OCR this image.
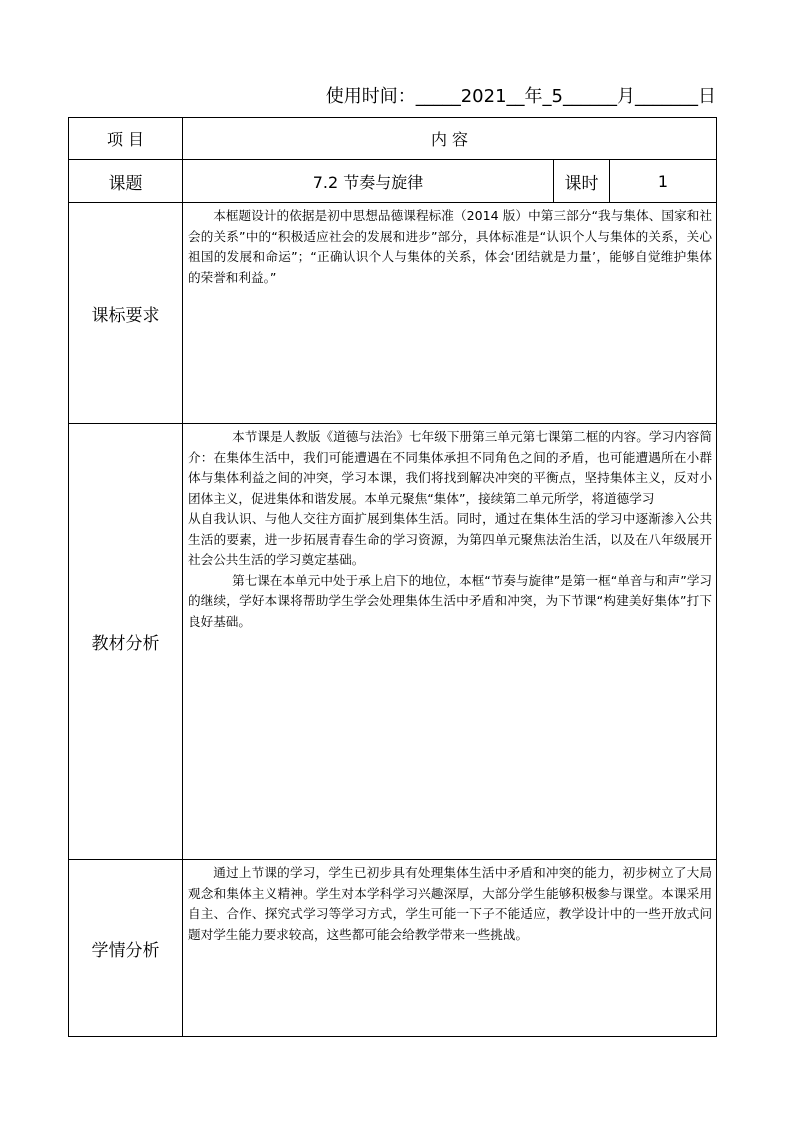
使用时间：_____2021__年_5______月_______日
项 目	内 容		
课题	7.2 节奏与旋律	课时	1
课标要求	本框题设计的依据是初中思想品德课程标准（2014 版）中第三部分“我与集体、国家和社会的关系”中的“积极适应社会的发展和进步”部分，具体标准是“认识个人与集体的关系，关心祖国的发展和命运”；“正确认识个人与集体的关系，体会‘团结就是力量’，能够自觉维护集体的荣誉和利益。”		

教材分析	本节课是人教版《道德与法治》七年级下册第三单元第七课第二框的内容。学习内容简介：在集体生活中，我们可能遭遇在不同集体承担不同角色之间的矛盾，也可能遭遇所在小群体与集体利益之间的冲突，学习本课，我们将找到解决冲突的平衡点，坚持集体主义，反对小团体主义，促进集体和谐发展。本单元聚焦“集体”，接续第二单元所学，将道德学习

从自我认识、与他人交往方面扩展到集体生活。同时，通过在集体生活的学习中逐渐渗入公共生活的要素，进一步拓展青春生命的学习资源，为第四单元聚焦法治生活，以及在八年级展开社会公共生活的学习奠定基础。

第七课在本单元中处于承上启下的地位，本框“节奏与旋律”是第一框“单音与和声”学习的继续，学好本课将帮助学生学会处理集体生活中矛盾和冲突，为下节课“构建美好集体”打下良好基础。		

学情分析	通过上节课的学习，学生已初步具有处理集体生活中矛盾和冲突的能力，初步树立了大局观念和集体主义精神。学生对本学科学习兴趣深厚，大部分学生能够积极参与课堂。本课采用自主、合作、探究式学习等学习方式，学生可能一下子不能适应，教学设计中的一些开放式问题对学生能力要求较高，这些都可能会给教学带来一些挑战。		
